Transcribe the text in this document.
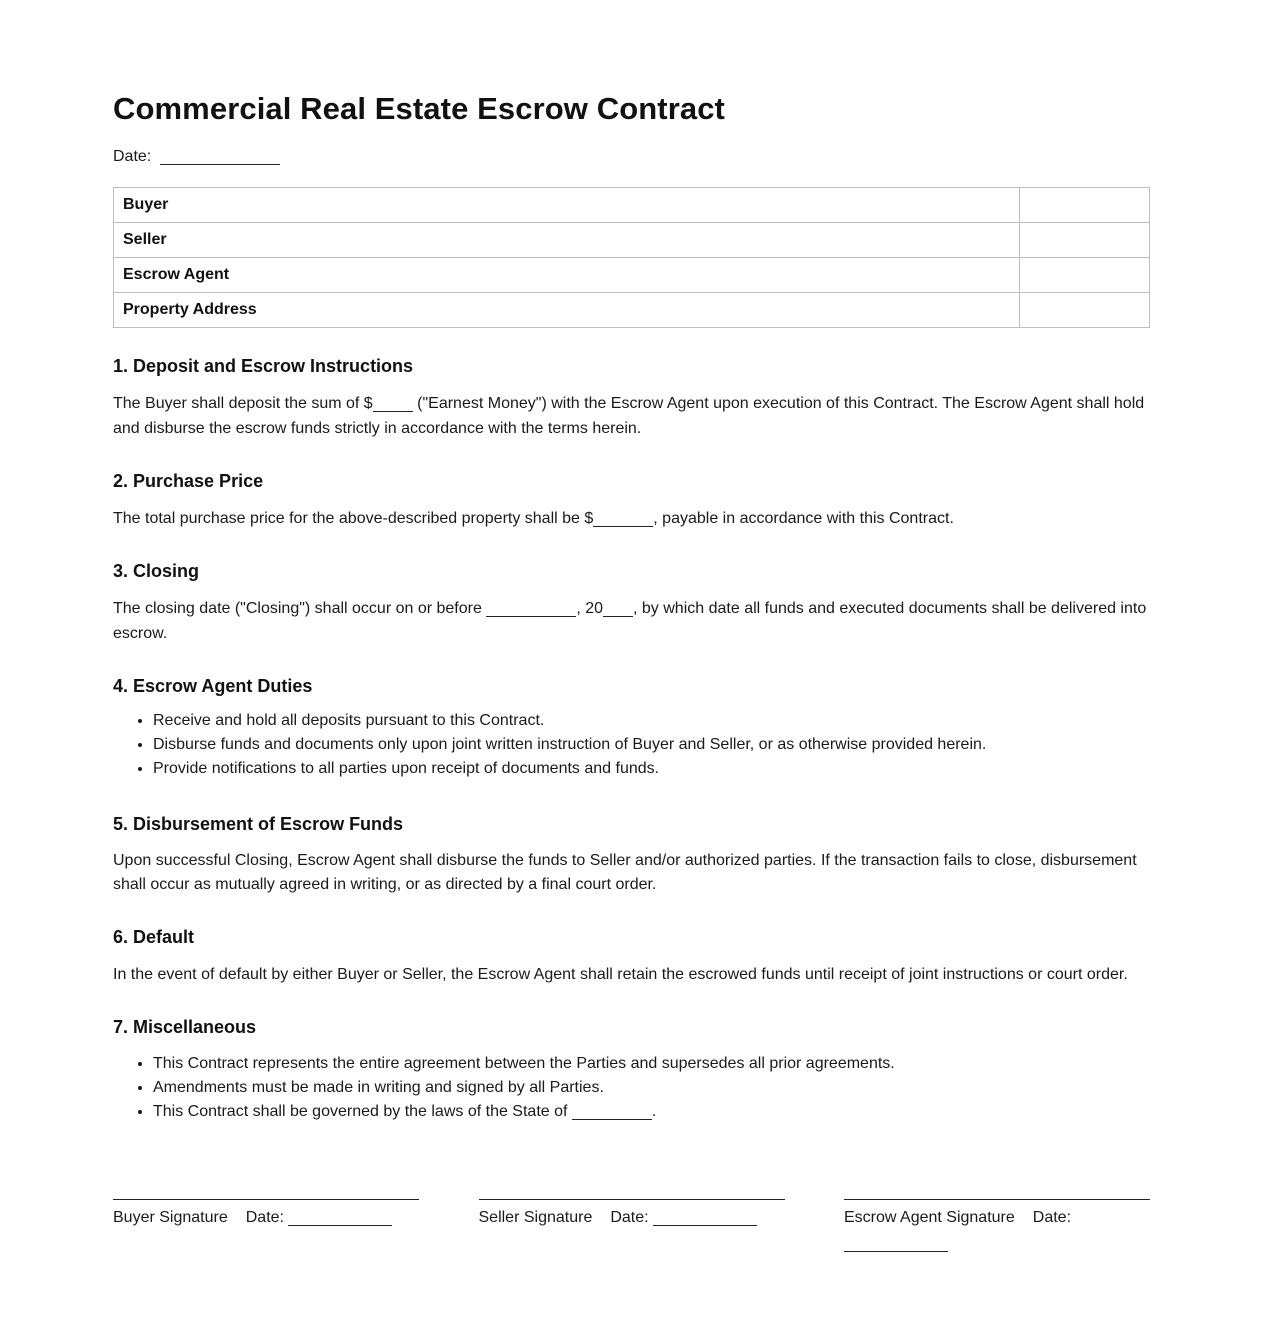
Commercial Real Estate Escrow Contract
Date:
Buyer	
Seller	
Escrow Agent	
Property Address	
1. Deposit and Escrow Instructions

The Buyer shall deposit the sum of $	("Earnest Money") with the Escrow Agent upon execution of this Contract. The Escrow Agent shall hold and disburse the escrow funds strictly in accordance with the terms herein.

2. Purchase Price

The total purchase price for the above-described property shall be $	, payable in accordance with this Contract.

3. Closing

The closing date ("Closing") shall occur on or before	, 20 , by which date all funds and executed documents shall be delivered into escrow.

4. Escrow Agent Duties
• Receive and hold all deposits pursuant to this Contract.
• Disburse funds and documents only upon joint written instruction of Buyer and Seller, or as otherwise provided herein.
• Provide notifications to all parties upon receipt of documents and funds.
5. Disbursement of Escrow Funds

Upon successful Closing, Escrow Agent shall disburse the funds to Seller and/or authorized parties. If the transaction fails to close, disbursement shall occur as mutually agreed in writing, or as directed by a final court order.

6. Default

In the event of default by either Buyer or Seller, the Escrow Agent shall retain the escrowed funds until receipt of joint instructions or court order.

7. Miscellaneous
• This Contract represents the entire agreement between the Parties and supersedes all prior agreements.
• Amendments must be made in writing and signed by all Parties.
• This Contract shall be governed by the laws of the State of	.
Buyer Signature Date:	Seller Signature Date:	Escrow Agent Signature Date:
